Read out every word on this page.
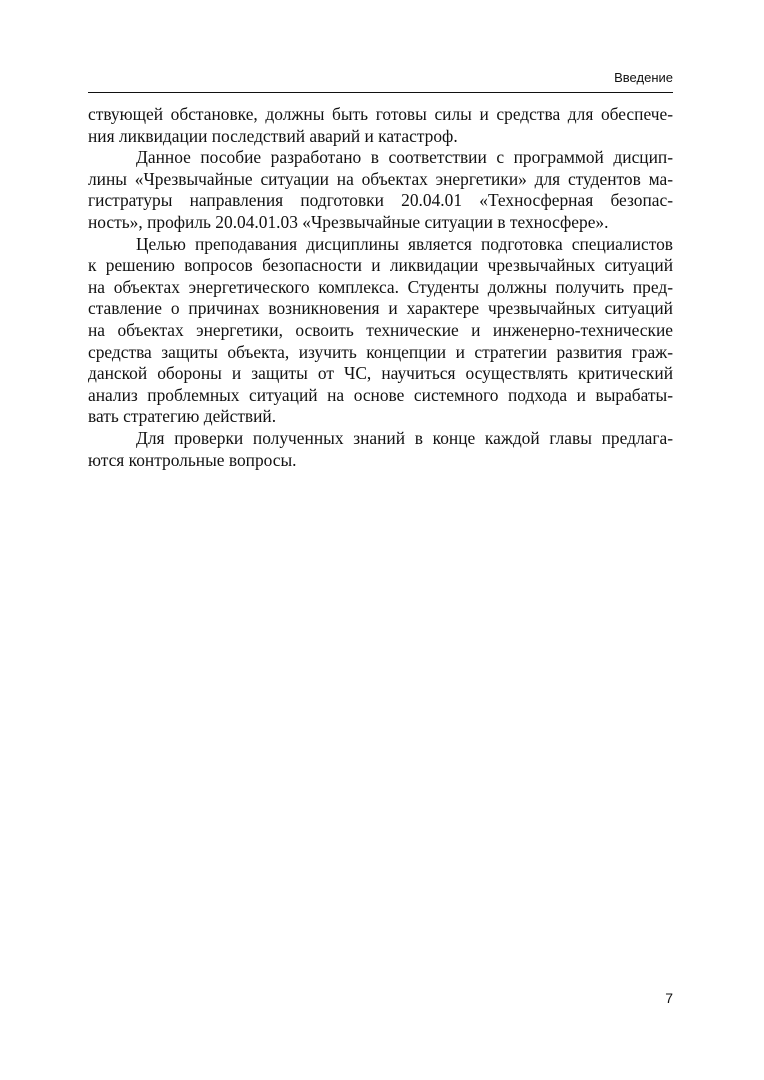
Введение

ствующей обстановке, должны быть готовы силы и средства для обеспече-
ния ликвидации последствий аварий и катастроф.

Данное пособие разработано в соответствии с программой дисцип-
лины «Чрезвычайные ситуации на объектах энергетики» для студентов ма-
гистратуры направления подготовки 20.04.01 «Техносферная безопас-
ность», профиль 20.04.01.03 «Чрезвычайные ситуации в техносфере».

Целью преподавания дисциплины является подготовка специалистов
к решению вопросов безопасности и ликвидации чрезвычайных ситуаций
на объектах энергетического комплекса. Студенты должны получить пред-
ставление о причинах возникновения и характере чрезвычайных ситуаций
на объектах энергетики, освоить технические и инженерно-технические
средства защиты объекта, изучить концепции и стратегии развития граж-
данской обороны и защиты от ЧС, научиться осуществлять критический
анализ проблемных ситуаций на основе системного подхода и вырабаты-
вать стратегию действий.

Для проверки полученных знаний в конце каждой главы предлага-
ются контрольные вопросы.

7
